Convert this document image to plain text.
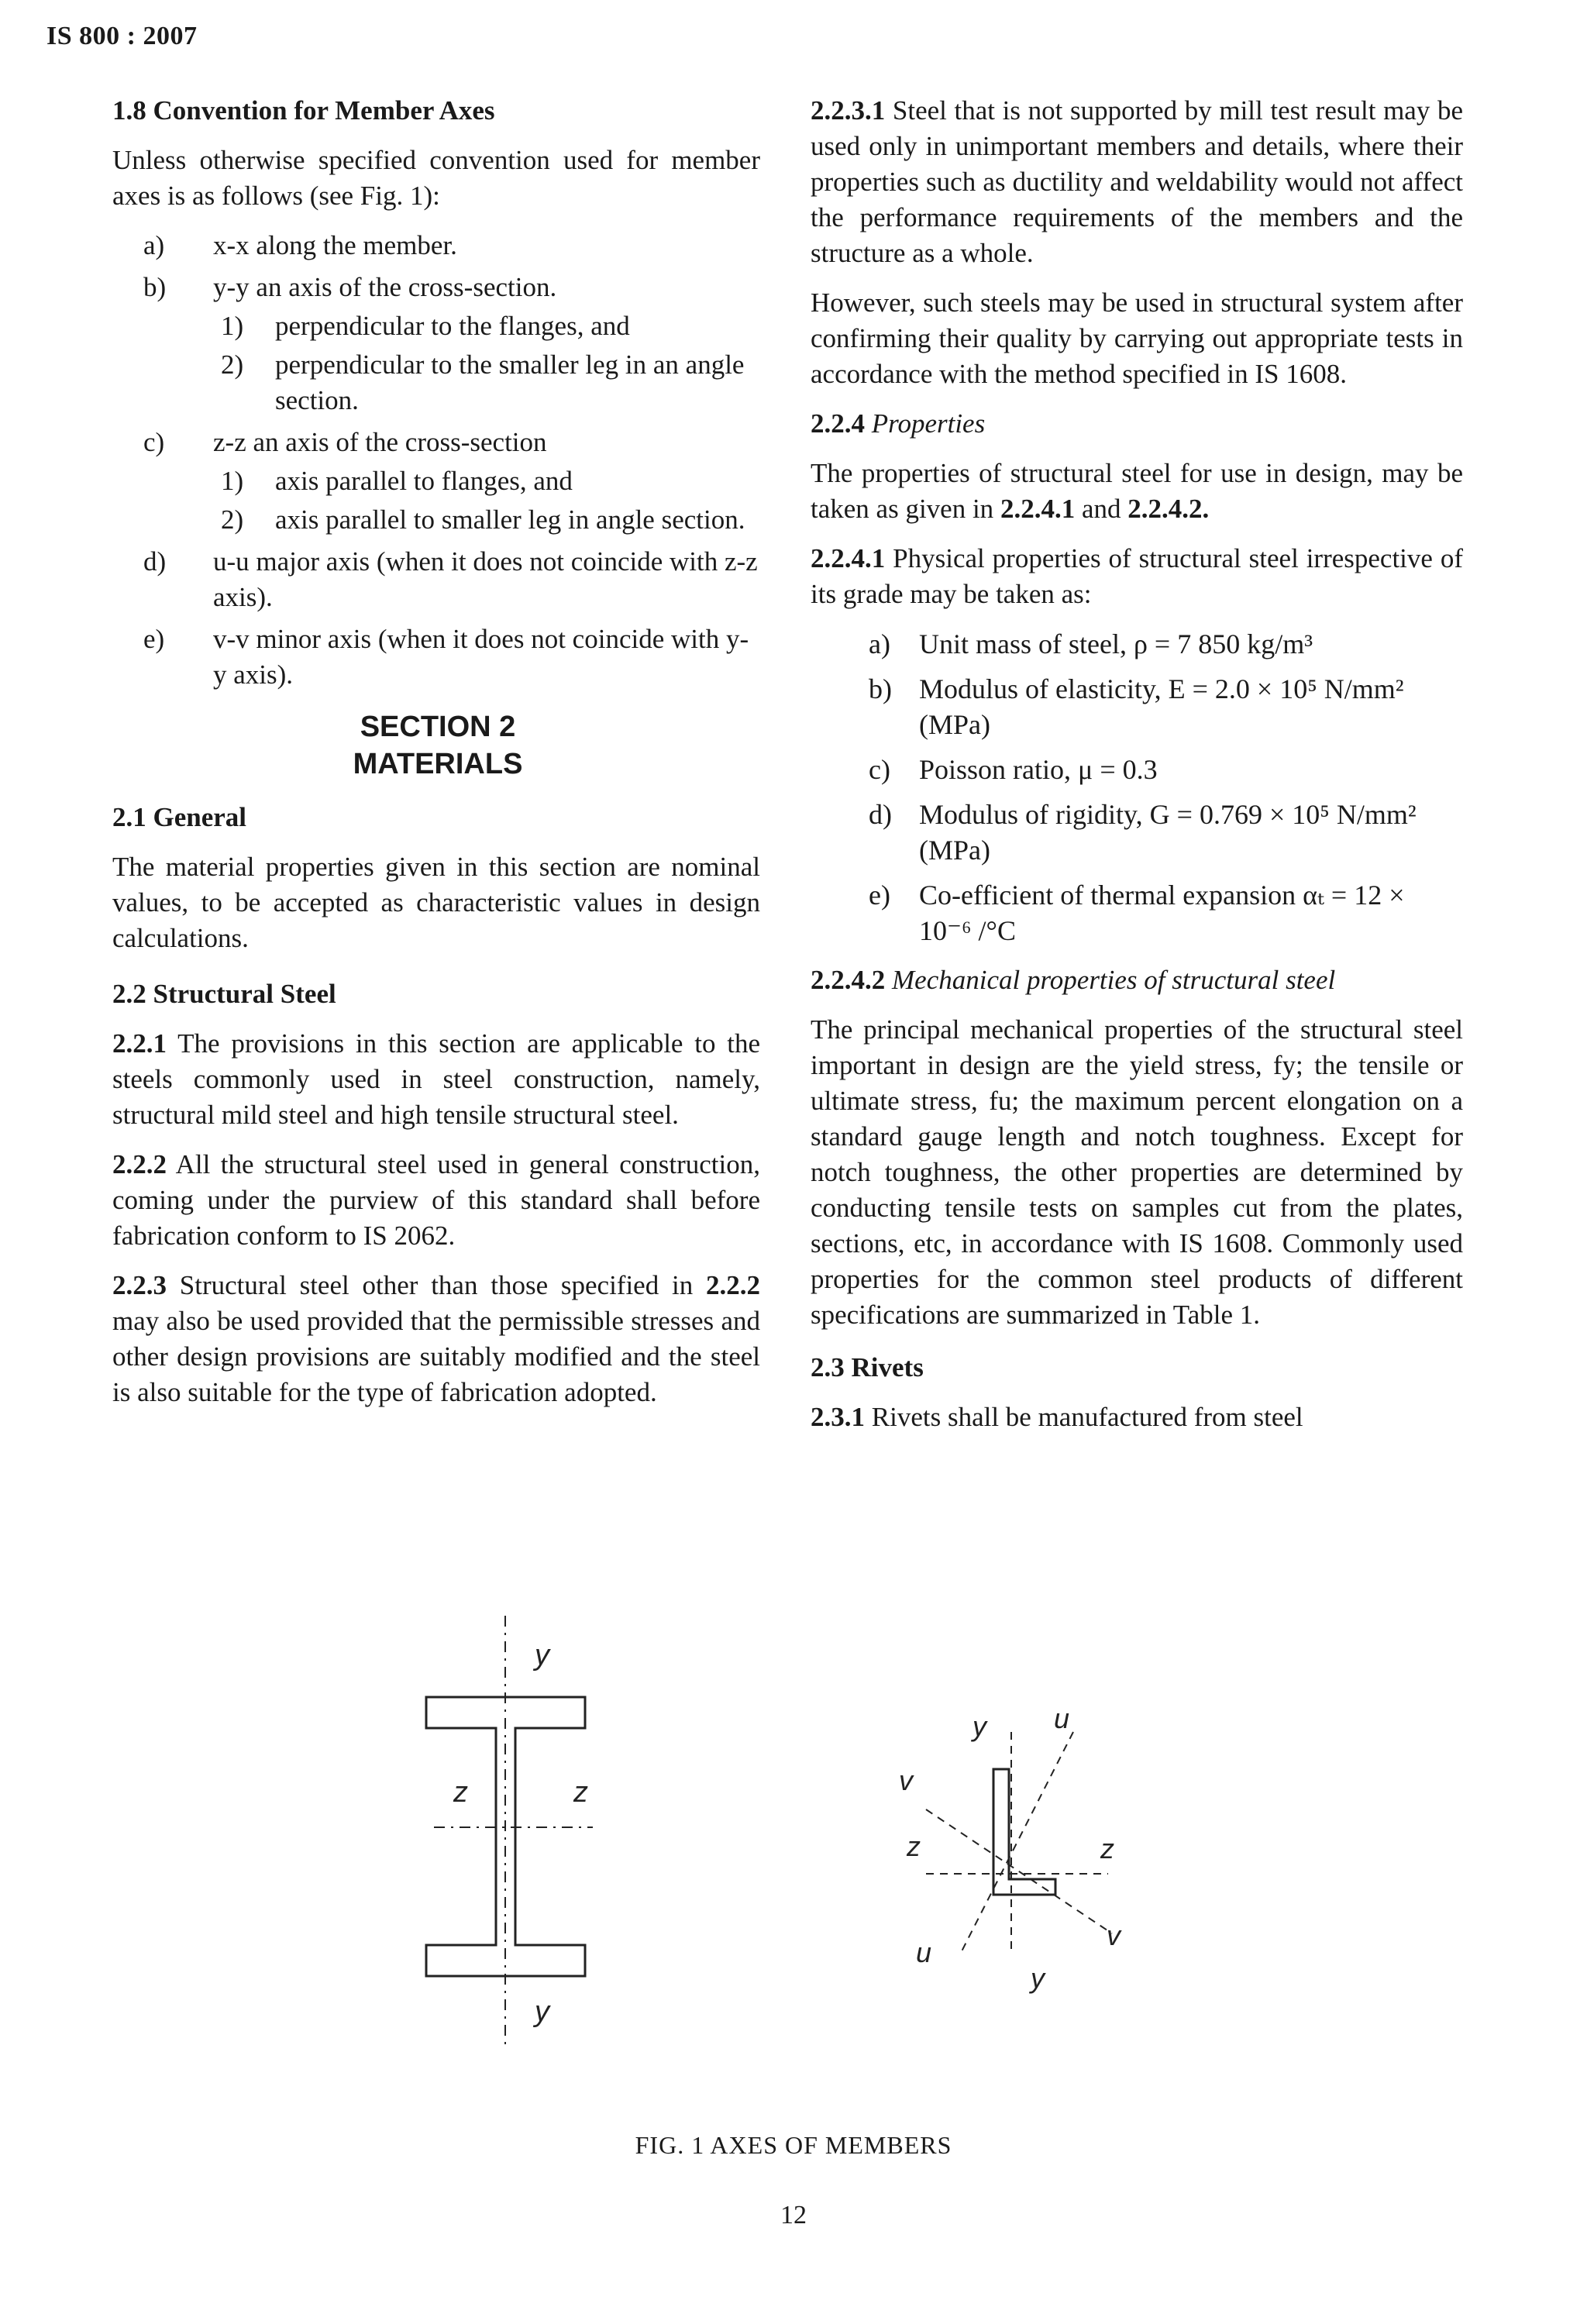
IS 800 : 2007
1.8 Convention for Member Axes

Unless otherwise specified convention used for member axes is as follows (see Fig. 1):

a) x-x along the member.
b) y-y an axis of the cross-section.
1) perpendicular to the flanges, and
2) perpendicular to the smaller leg in an angle section.
c) z-z an axis of the cross-section
1) axis parallel to flanges, and
2) axis parallel to smaller leg in angle section.
d) u-u major axis (when it does not coincide with z-z axis).
e) v-v minor axis (when it does not coincide with y-y axis).
SECTION 2
MATERIALS
2.1 General

The material properties given in this section are nominal values, to be accepted as characteristic values in design calculations.

2.2 Structural Steel

2.2.1 The provisions in this section are applicable to the steels commonly used in steel construction, namely, structural mild steel and high tensile structural steel.

2.2.2 All the structural steel used in general construction, coming under the purview of this standard shall before fabrication conform to IS 2062.

2.2.3 Structural steel other than those specified in 2.2.2 may also be used provided that the permissible stresses and other design provisions are suitably modified and the steel is also suitable for the type of fabrication adopted.

2.2.3.1 Steel that is not supported by mill test result may be used only in unimportant members and details, where their properties such as ductility and weldability would not affect the performance requirements of the members and the structure as a whole.

However, such steels may be used in structural system after confirming their quality by carrying out appropriate tests in accordance with the method specified in IS 1608.

2.2.4 Properties

The properties of structural steel for use in design, may be taken as given in 2.2.4.1 and 2.2.4.2.

2.2.4.1 Physical properties of structural steel irrespective of its grade may be taken as:

a) Unit mass of steel, ρ = 7 850 kg/m³
b) Modulus of elasticity, E = 2.0 × 10⁵ N/mm² (MPa)
c) Poisson ratio, μ = 0.3
d) Modulus of rigidity, G = 0.769 × 10⁵ N/mm² (MPa)
e) Co-efficient of thermal expansion αₜ = 12 × 10⁻⁶ /°C
2.2.4.2 Mechanical properties of structural steel

The principal mechanical properties of the structural steel important in design are the yield stress, fy; the tensile or ultimate stress, fu; the maximum percent elongation on a standard gauge length and notch toughness. Except for notch toughness, the other properties are determined by conducting tensile tests on samples cut from the plates, sections, etc, in accordance with IS 1608. Commonly used properties for the common steel products of different specifications are summarized in Table 1.

2.3 Rivets

2.3.1 Rivets shall be manufactured from steel

y
y
z	z
y u
v
z	z
u
v
y
FIG. 1 AXES OF MEMBERS
12
